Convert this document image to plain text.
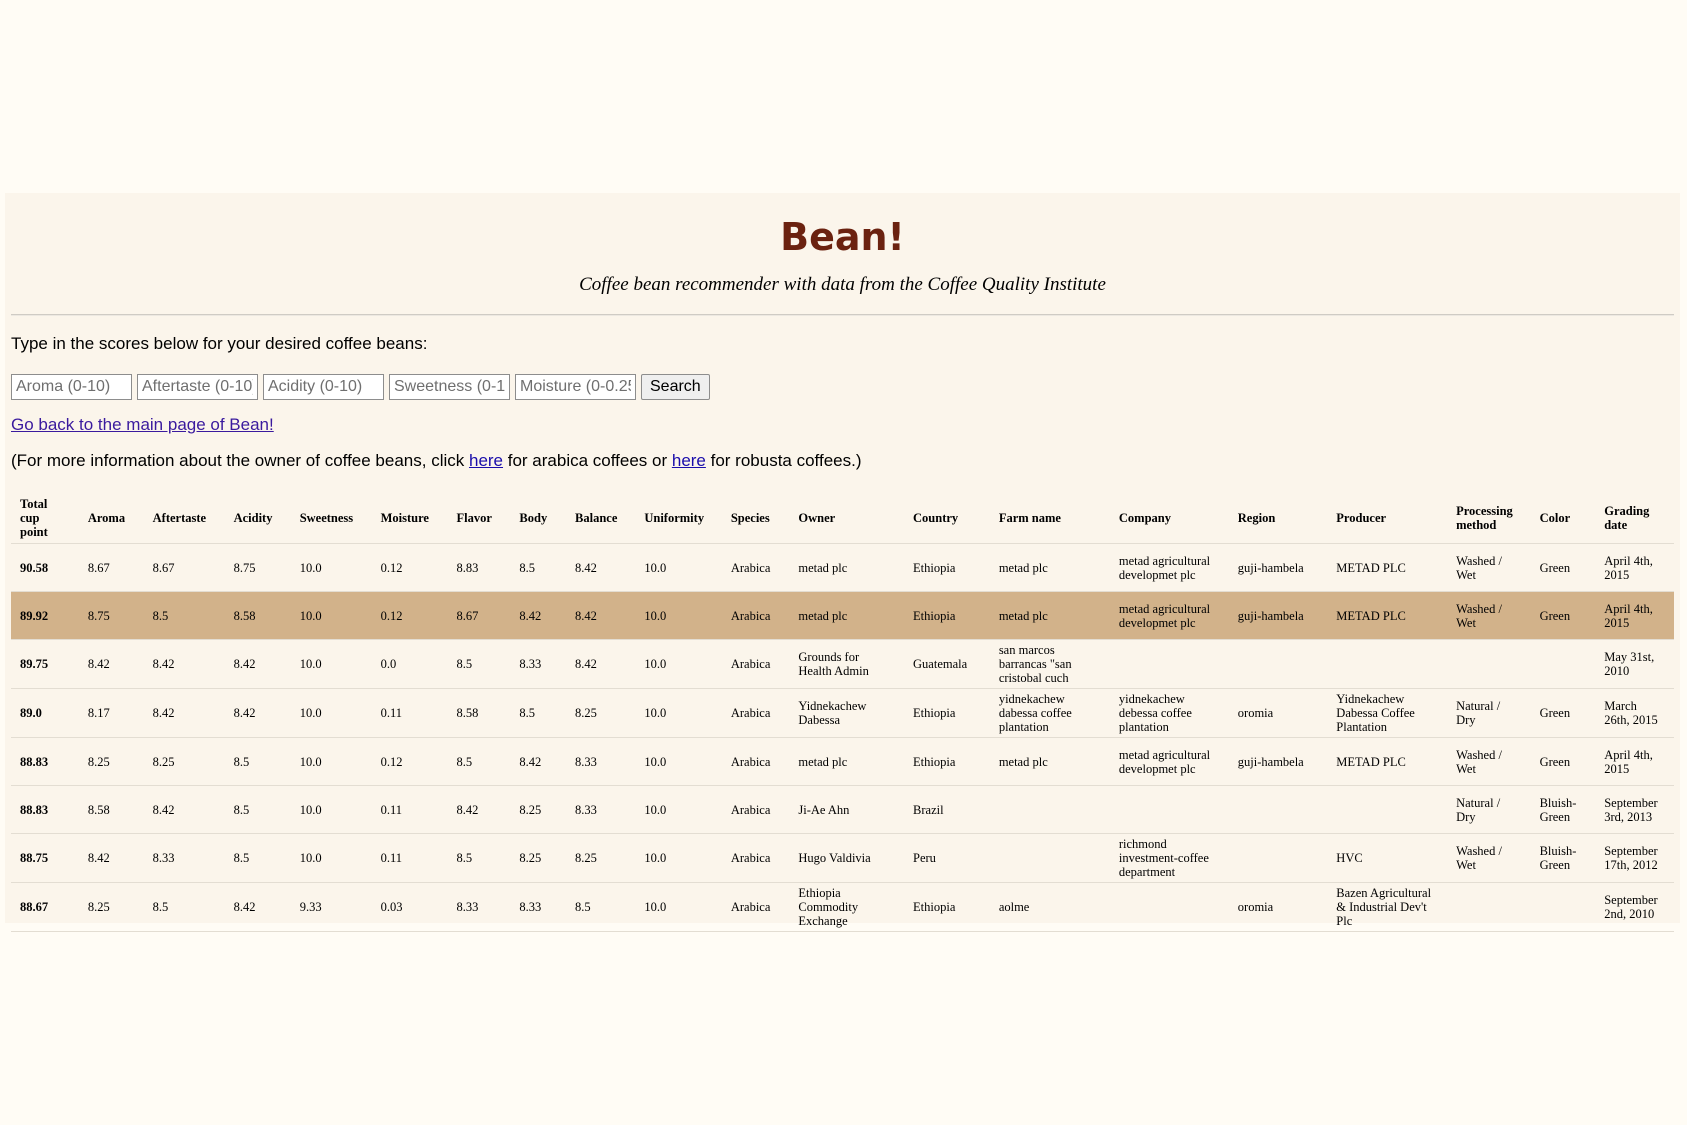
Bean!
Coffee bean recommender with data from the Coffee Quality Institute
Type in the scores below for your desired coffee beans:
Aroma (0-10)
Aftertaste (0-10)
Acidity (0-10)
Sweetness (0-10)
Moisture (0-0.25)
Search
Go back to the main page of Bean!
(For more information about the owner of coffee beans, click here for arabica coffees or here for robusta coffees.)
Total cup point	Aroma	Aftertaste	Acidity	Sweetness	Moisture	Flavor	Body	Balance	Uniformity	Species	Owner	Country	Farm name	Company	Region	Producer	Processing method	Color	Grading date
90.58	8.67	8.67	8.75	10.0	0.12	8.83	8.5	8.42	10.0	Arabica	metad plc	Ethiopia	metad plc	metad agricultural developmet plc	guji-hambela	METAD PLC	Washed / Wet	Green	April 4th, 2015
89.92	8.75	8.5	8.58	10.0	0.12	8.67	8.42	8.42	10.0	Arabica	metad plc	Ethiopia	metad plc	metad agricultural developmet plc	guji-hambela	METAD PLC	Washed / Wet	Green	April 4th, 2015
89.75	8.42	8.42	8.42	10.0	0.0	8.5	8.33	8.42	10.0	Arabica	Grounds for Health Admin	Guatemala	san marcos barrancas "san cristobal cuch						May 31st, 2010
89.0	8.17	8.42	8.42	10.0	0.11	8.58	8.5	8.25	10.0	Arabica	Yidnekachew Dabessa	Ethiopia	yidnekachew dabessa coffee plantation	yidnekachew debessa coffee plantation	oromia	Yidnekachew Dabessa Coffee Plantation	Natural / Dry	Green	March 26th, 2015
88.83	8.25	8.25	8.5	10.0	0.12	8.5	8.42	8.33	10.0	Arabica	metad plc	Ethiopia	metad plc	metad agricultural developmet plc	guji-hambela	METAD PLC	Washed / Wet	Green	April 4th, 2015
88.83	8.58	8.42	8.5	10.0	0.11	8.42	8.25	8.33	10.0	Arabica	Ji-Ae Ahn	Brazil					Natural / Dry	Bluish-Green	September 3rd, 2013
88.75	8.42	8.33	8.5	10.0	0.11	8.5	8.25	8.25	10.0	Arabica	Hugo Valdivia	Peru		richmond investment-coffee department		HVC	Washed / Wet	Bluish-Green	September 17th, 2012
88.67	8.25	8.5	8.42	9.33	0.03	8.33	8.33	8.5	10.0	Arabica	Ethiopia Commodity Exchange	Ethiopia	aolme		oromia	Bazen Agricultural & Industrial Dev't Plc			September 2nd, 2010
